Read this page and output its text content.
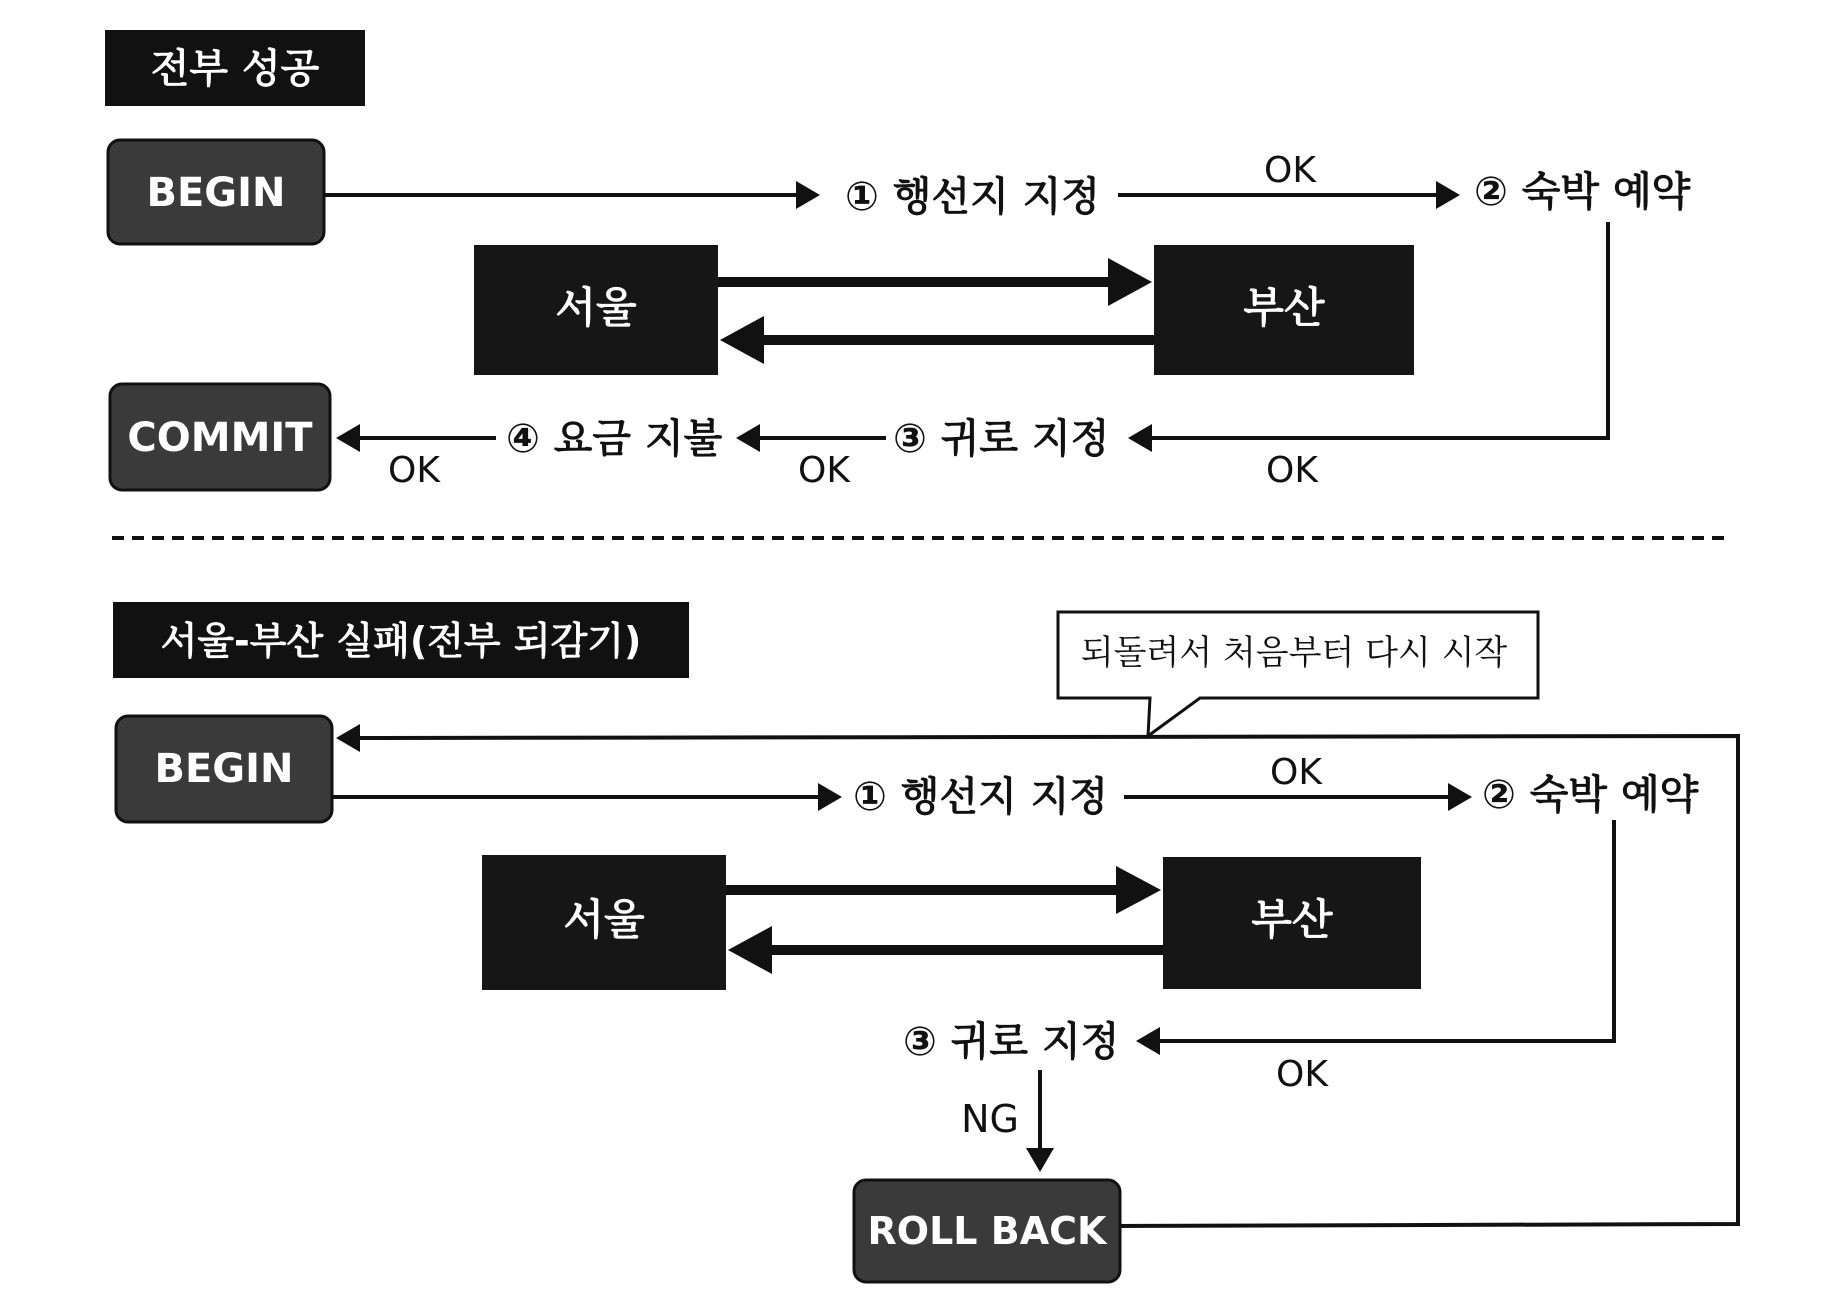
전부 성공
BEGIN	① 행선지 지정
OK	② 숙박 예약
서울	부산
OK
③ 귀로 지정
OK
④ 요금 지불
OK
COMMIT
서울-부산 실패(전부 되감기)	되돌려서 처음부터 다시 시작
BEGIN
① 행선지 지정
OK	② 숙박 예약
서울	부산
OK
③ 귀로 지정
NG
ROLL BACK
